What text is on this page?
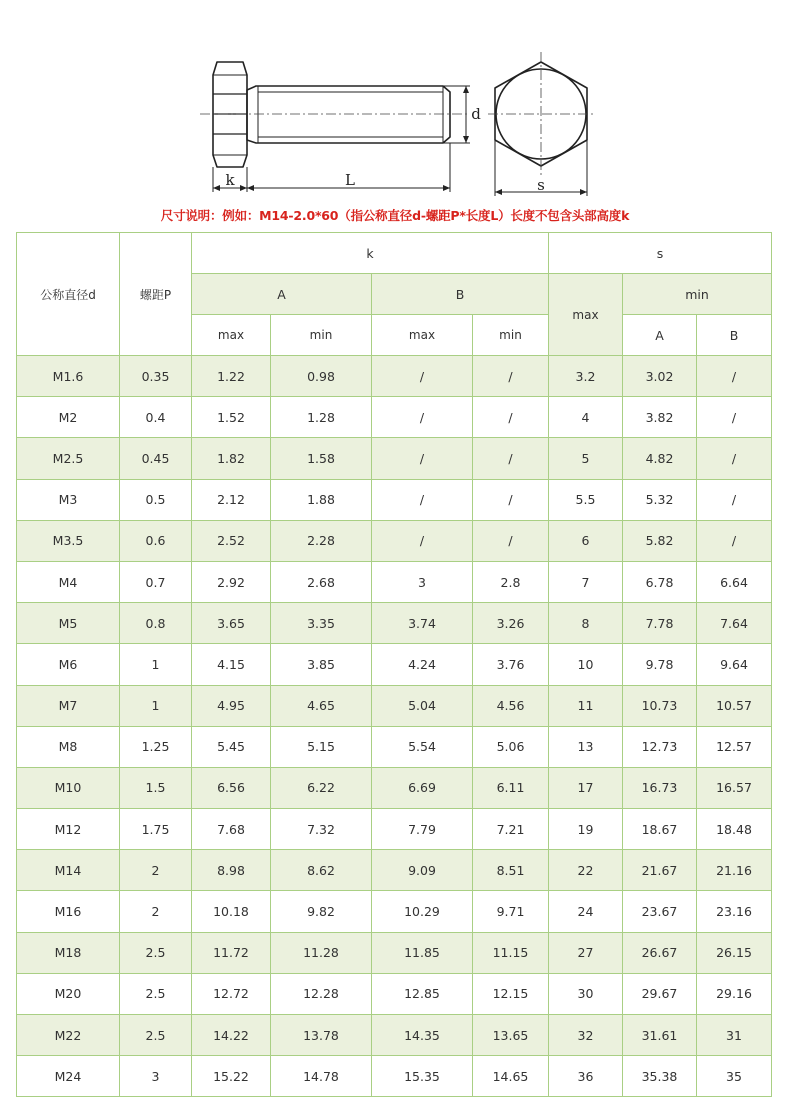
k	L
d
s
尺寸说明：例如：M14-2.0*60（指公称直径d-螺距P*长度L）长度不包含头部高度k
公称直径d	螺距P	k				s		
		A		B		max	min	
		max	min	max	min		A	B
M1.6	0.35	1.22	0.98	/	/	3.2	3.02	/
M2	0.4	1.52	1.28	/	/	4	3.82	/
M2.5	0.45	1.82	1.58	/	/	5	4.82	/
M3	0.5	2.12	1.88	/	/	5.5	5.32	/
M3.5	0.6	2.52	2.28	/	/	6	5.82	/
M4	0.7	2.92	2.68	3	2.8	7	6.78	6.64
M5	0.8	3.65	3.35	3.74	3.26	8	7.78	7.64
M6	1	4.15	3.85	4.24	3.76	10	9.78	9.64
M7	1	4.95	4.65	5.04	4.56	11	10.73	10.57
M8	1.25	5.45	5.15	5.54	5.06	13	12.73	12.57
M10	1.5	6.56	6.22	6.69	6.11	17	16.73	16.57
M12	1.75	7.68	7.32	7.79	7.21	19	18.67	18.48
M14	2	8.98	8.62	9.09	8.51	22	21.67	21.16
M16	2	10.18	9.82	10.29	9.71	24	23.67	23.16
M18	2.5	11.72	11.28	11.85	11.15	27	26.67	26.15
M20	2.5	12.72	12.28	12.85	12.15	30	29.67	29.16
M22	2.5	14.22	13.78	14.35	13.65	32	31.61	31
M24	3	15.22	14.78	15.35	14.65	36	35.38	35
